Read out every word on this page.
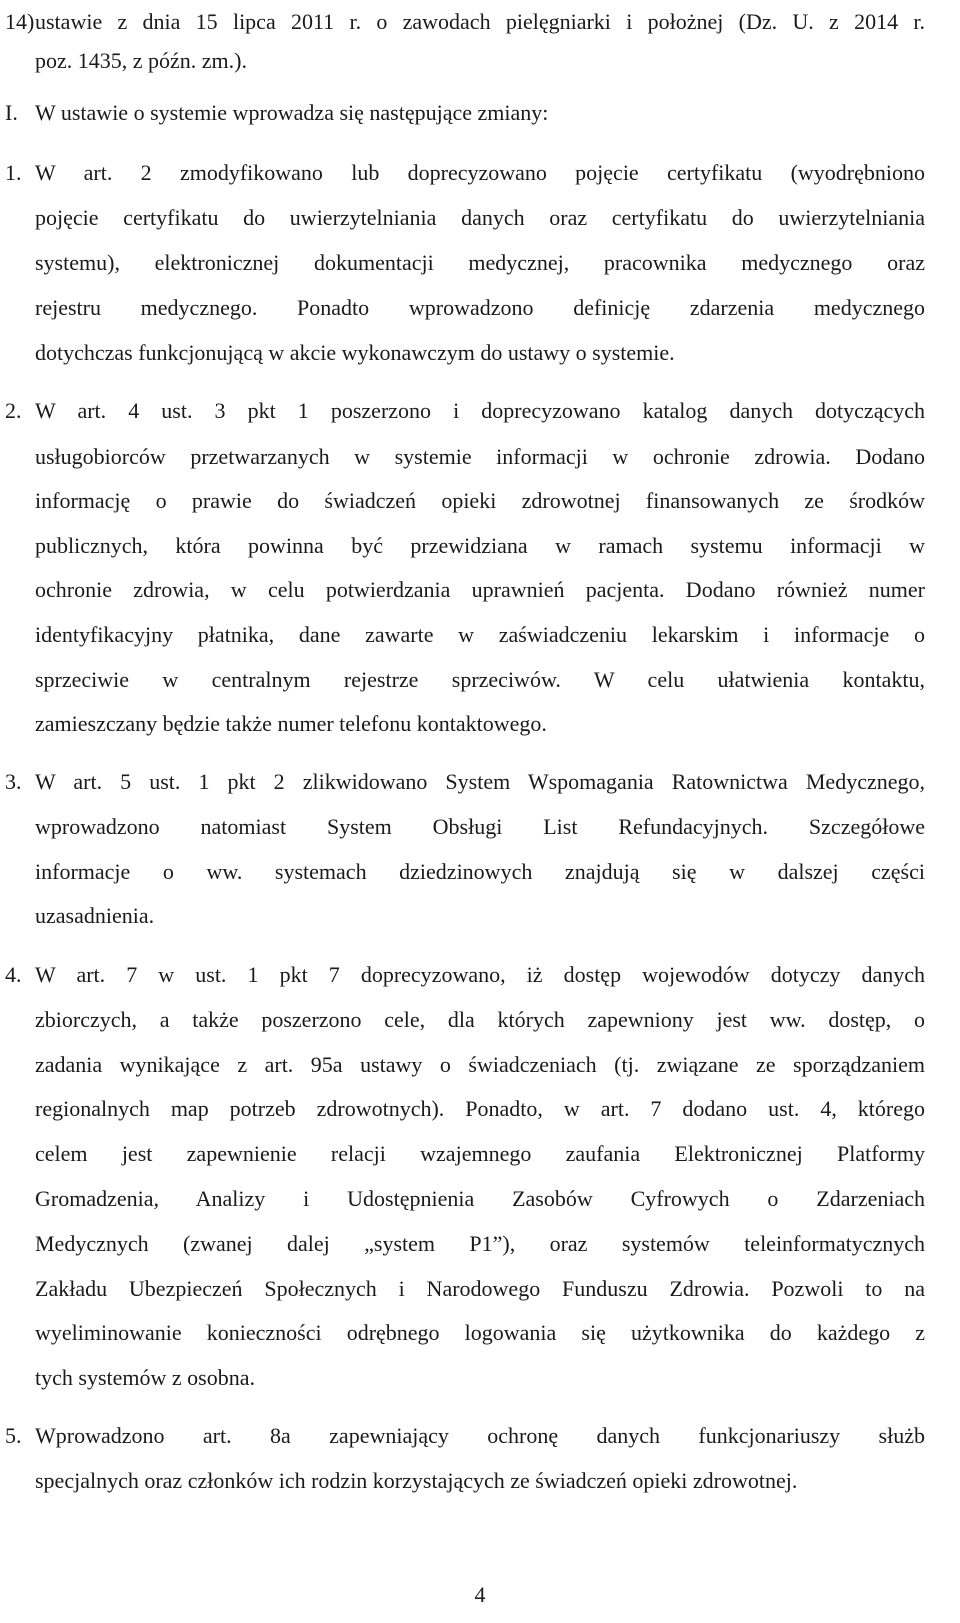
14) ustawie z dnia 15 lipca 2011 r. o zawodach pielęgniarki i położnej (Dz. U. z 2014 r.
poz. 1435, z późn. zm.).
I. W ustawie o systemie wprowadza się następujące zmiany:
1. W art. 2 zmodyfikowano lub doprecyzowano pojęcie certyfikatu (wyodrębniono
pojęcie certyfikatu do uwierzytelniania danych oraz certyfikatu do uwierzytelniania
systemu), elektronicznej dokumentacji medycznej, pracownika medycznego oraz
rejestru medycznego. Ponadto wprowadzono definicję zdarzenia medycznego
dotychczas funkcjonującą w akcie wykonawczym do ustawy o systemie.
2. W art. 4 ust. 3 pkt 1 poszerzono i doprecyzowano katalog danych dotyczących
usługobiorców przetwarzanych w systemie informacji w ochronie zdrowia. Dodano
informację o prawie do świadczeń opieki zdrowotnej finansowanych ze środków
publicznych, która powinna być przewidziana w ramach systemu informacji w
ochronie zdrowia, w celu potwierdzania uprawnień pacjenta. Dodano również numer
identyfikacyjny płatnika, dane zawarte w zaświadczeniu lekarskim i informacje o
sprzeciwie w centralnym rejestrze sprzeciwów. W celu ułatwienia kontaktu,
zamieszczany będzie także numer telefonu kontaktowego.
3. W art. 5 ust. 1 pkt 2 zlikwidowano System Wspomagania Ratownictwa Medycznego,
wprowadzono natomiast System Obsługi List Refundacyjnych. Szczegółowe
informacje o ww. systemach dziedzinowych znajdują się w dalszej części
uzasadnienia.
4. W art. 7 w ust. 1 pkt 7 doprecyzowano, iż dostęp wojewodów dotyczy danych
zbiorczych, a także poszerzono cele, dla których zapewniony jest ww. dostęp, o
zadania wynikające z art. 95a ustawy o świadczeniach (tj. związane ze sporządzaniem
regionalnych map potrzeb zdrowotnych). Ponadto, w art. 7 dodano ust. 4, którego
celem jest zapewnienie relacji wzajemnego zaufania Elektronicznej Platformy
Gromadzenia, Analizy i Udostępnienia Zasobów Cyfrowych o Zdarzeniach
Medycznych (zwanej dalej „system P1”), oraz systemów teleinformatycznych
Zakładu Ubezpieczeń Społecznych i Narodowego Funduszu Zdrowia. Pozwoli to na
wyeliminowanie konieczności odrębnego logowania się użytkownika do każdego z
tych systemów z osobna.
5. Wprowadzono art. 8a zapewniający ochronę danych funkcjonariuszy służb
specjalnych oraz członków ich rodzin korzystających ze świadczeń opieki zdrowotnej.
4
